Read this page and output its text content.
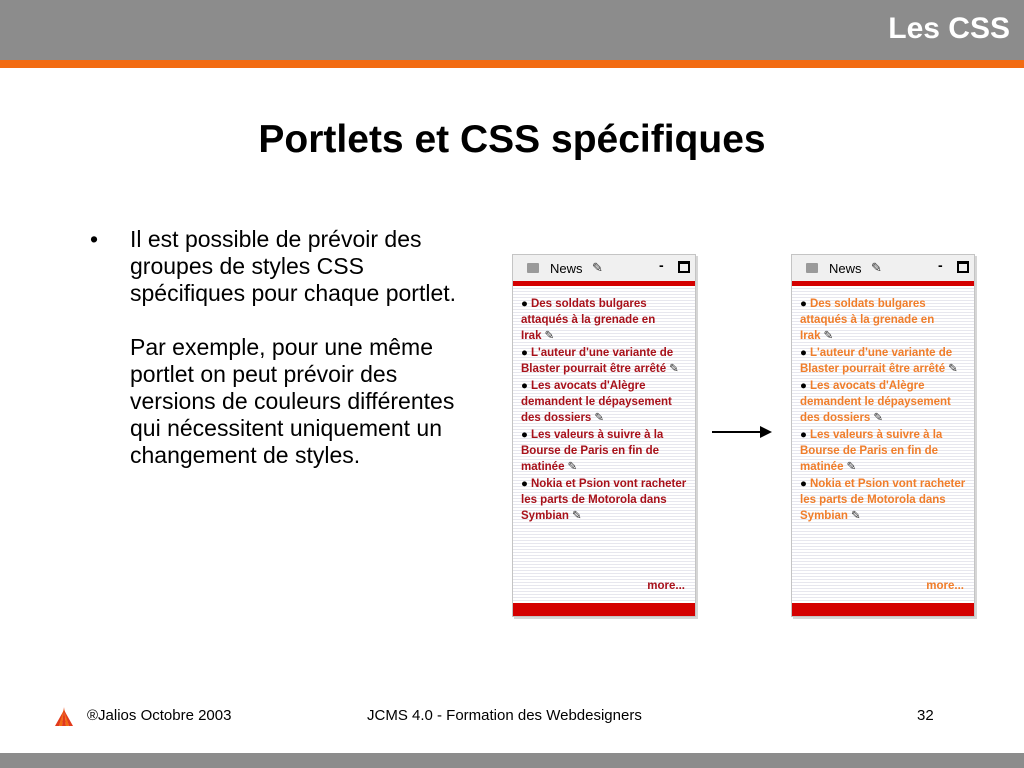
Les CSS
Portlets et CSS spécifiques
• Il est possible de prévoir des groupes de styles CSS spécifiques pour chaque portlet.
Par exemple, pour une même portlet on peut prévoir des versions de couleurs différentes qui nécessitent uniquement un changement de styles.
News ✎	-
● Des soldats bulgares attaqués à la grenade en Irak ✎
● L'auteur d'une variante de Blaster pourrait être arrêté ✎
● Les avocats d'Alègre demandent le dépaysement des dossiers ✎
● Les valeurs à suivre à la Bourse de Paris en fin de matinée ✎
● Nokia et Psion vont racheter les parts de Motorola dans Symbian ✎
more...
News ✎	-
● Des soldats bulgares attaqués à la grenade en Irak ✎
● L'auteur d'une variante de Blaster pourrait être arrêté ✎
● Les avocats d'Alègre demandent le dépaysement des dossiers ✎
● Les valeurs à suivre à la Bourse de Paris en fin de matinée ✎
● Nokia et Psion vont racheter les parts de Motorola dans Symbian ✎
more...
®Jalios Octobre 2003	JCMS 4.0 - Formation des Webdesigners	32
